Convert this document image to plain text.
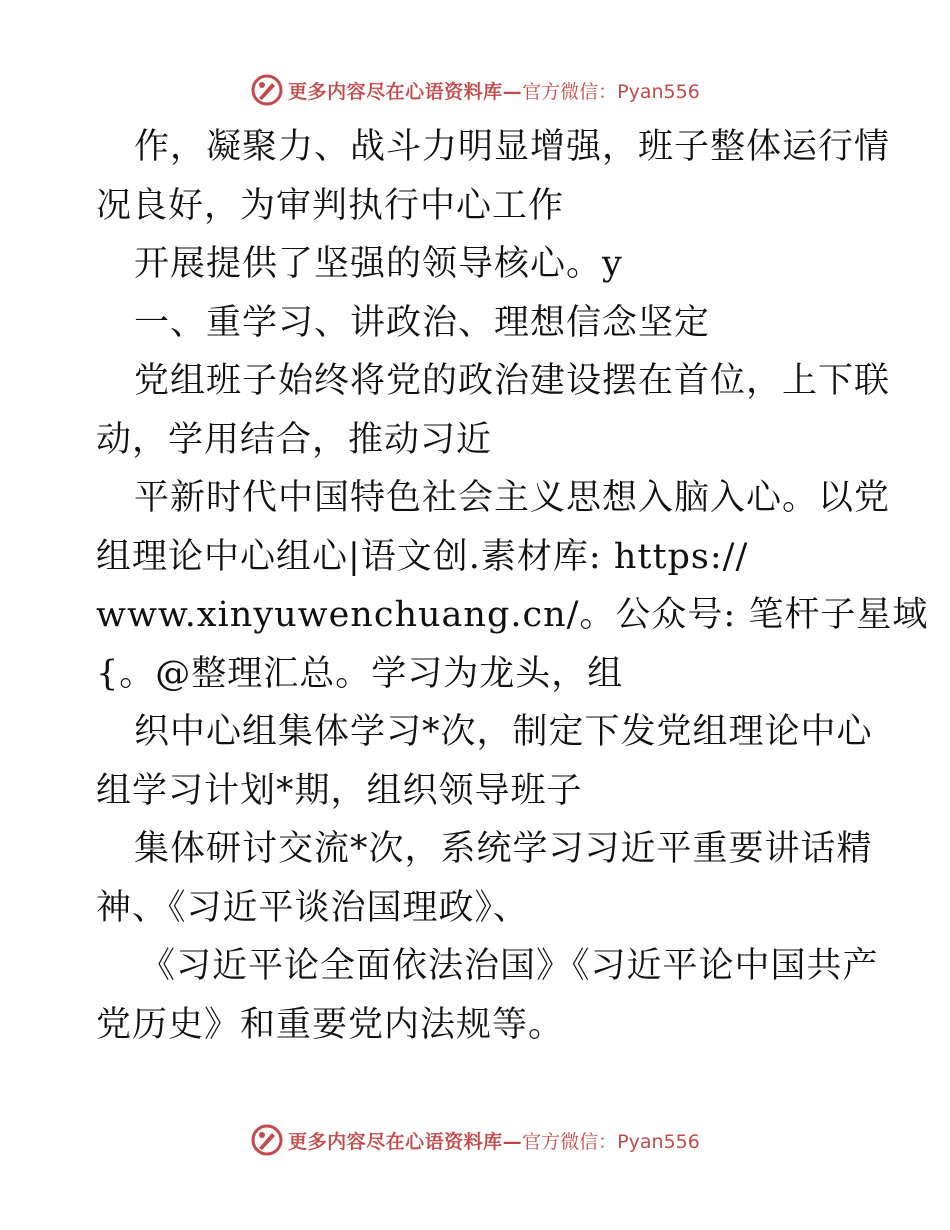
更多内容尽在心语资料库— 官方微信：Pyan556
作，凝聚力、战斗力明显增强，班子整体运行情
况良好，为审判执行中心工作
开展提供了坚强的领导核心。y
一、重学习、讲政治、理想信念坚定
党组班子始终将党的政治建设摆在首位，上下联
动，学用结合，推动习近
平新时代中国特色社会主义思想入脑入心。以党
组理论中心组心|语文创.素材库: https://
www.xinyuwenchuang.cn/。公众号: 笔杆子星域
{。@整理汇总。学习为龙头，组
织中心组集体学习*次，制定下发党组理论中心
组学习计划*期，组织领导班子
集体研讨交流*次，系统学习习近平重要讲话精
神、《习近平谈治国理政》、
《习近平论全面依法治国》《习近平论中国共产
党历史》和重要党内法规等。
更多内容尽在心语资料库— 官方微信：Pyan556
